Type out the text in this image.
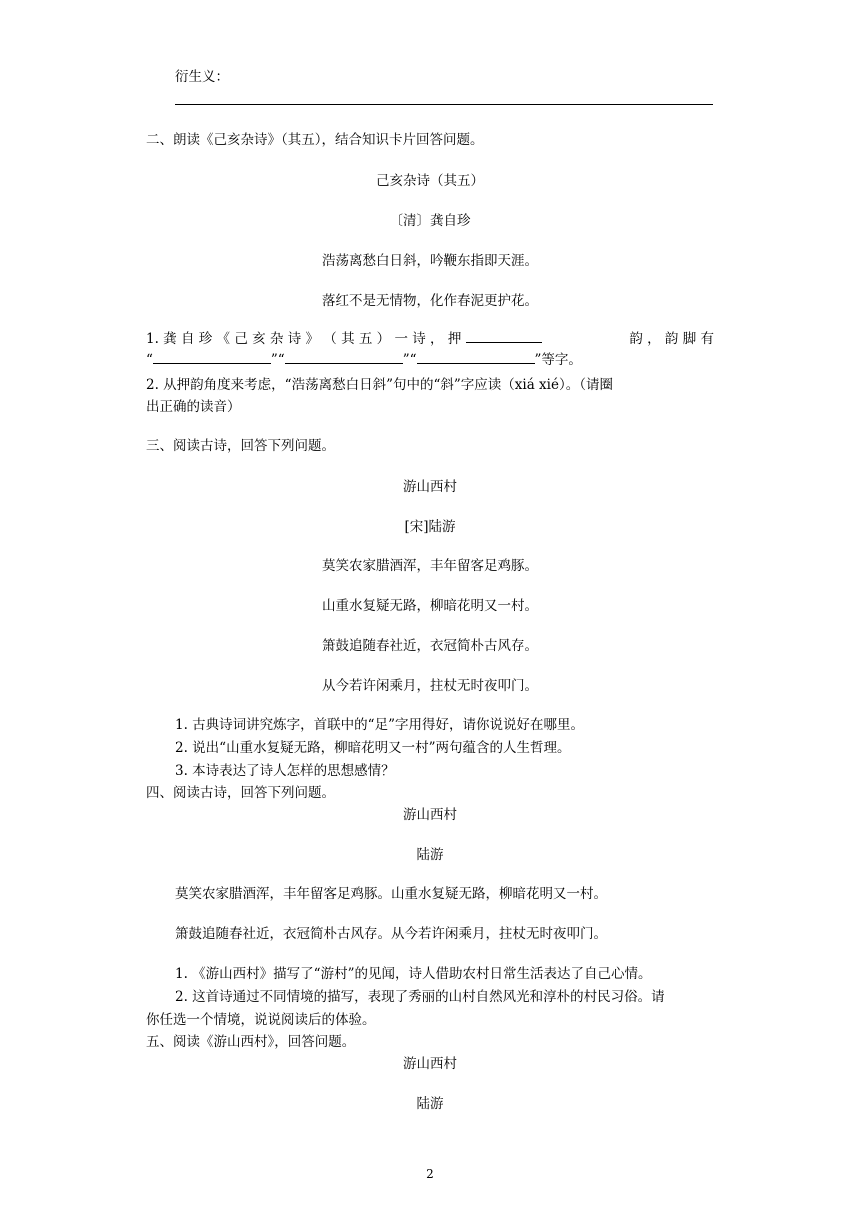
衍生义：
二、朗读《己亥杂诗》（其五），结合知识卡片回答问题。
己亥杂诗（其五）
〔清〕龚自珍
浩荡离愁白日斜，吟鞭东指即天涯。
落红不是无情物，化作春泥更护花。
1. 龚 自 珍 《 己 亥 杂 诗 》 （ 其 五 ） 一 诗 ， 押	韵 ， 韵 脚 有
“	”“	”“	”等字。
2. 从押韵角度来考虑，“浩荡离愁白日斜”句中的“斜”字应读（xiá xié）。（请圈
出正确的读音）
三、阅读古诗，回答下列问题。
游山西村
[宋]陆游
莫笑农家腊酒浑，丰年留客足鸡豚。
山重水复疑无路，柳暗花明又一村。
箫鼓追随春社近，衣冠简朴古风存。
从今若许闲乘月，拄杖无时夜叩门。
1. 古典诗词讲究炼字，首联中的“足”字用得好，请你说说好在哪里。
2. 说出“山重水复疑无路，柳暗花明又一村”两句蕴含的人生哲理。
3. 本诗表达了诗人怎样的思想感情？
四、阅读古诗，回答下列问题。
游山西村
陆游
莫笑农家腊酒浑，丰年留客足鸡豚。山重水复疑无路，柳暗花明又一村。
箫鼓追随春社近，衣冠简朴古风存。从今若许闲乘月，拄杖无时夜叩门。
1. 《游山西村》描写了“游村”的见闻，诗人借助农村日常生活表达了自己心情。
2. 这首诗通过不同情境的描写，表现了秀丽的山村自然风光和淳朴的村民习俗。请
你任选一个情境，说说阅读后的体验。
五、阅读《游山西村》，回答问题。
游山西村
陆游
2
